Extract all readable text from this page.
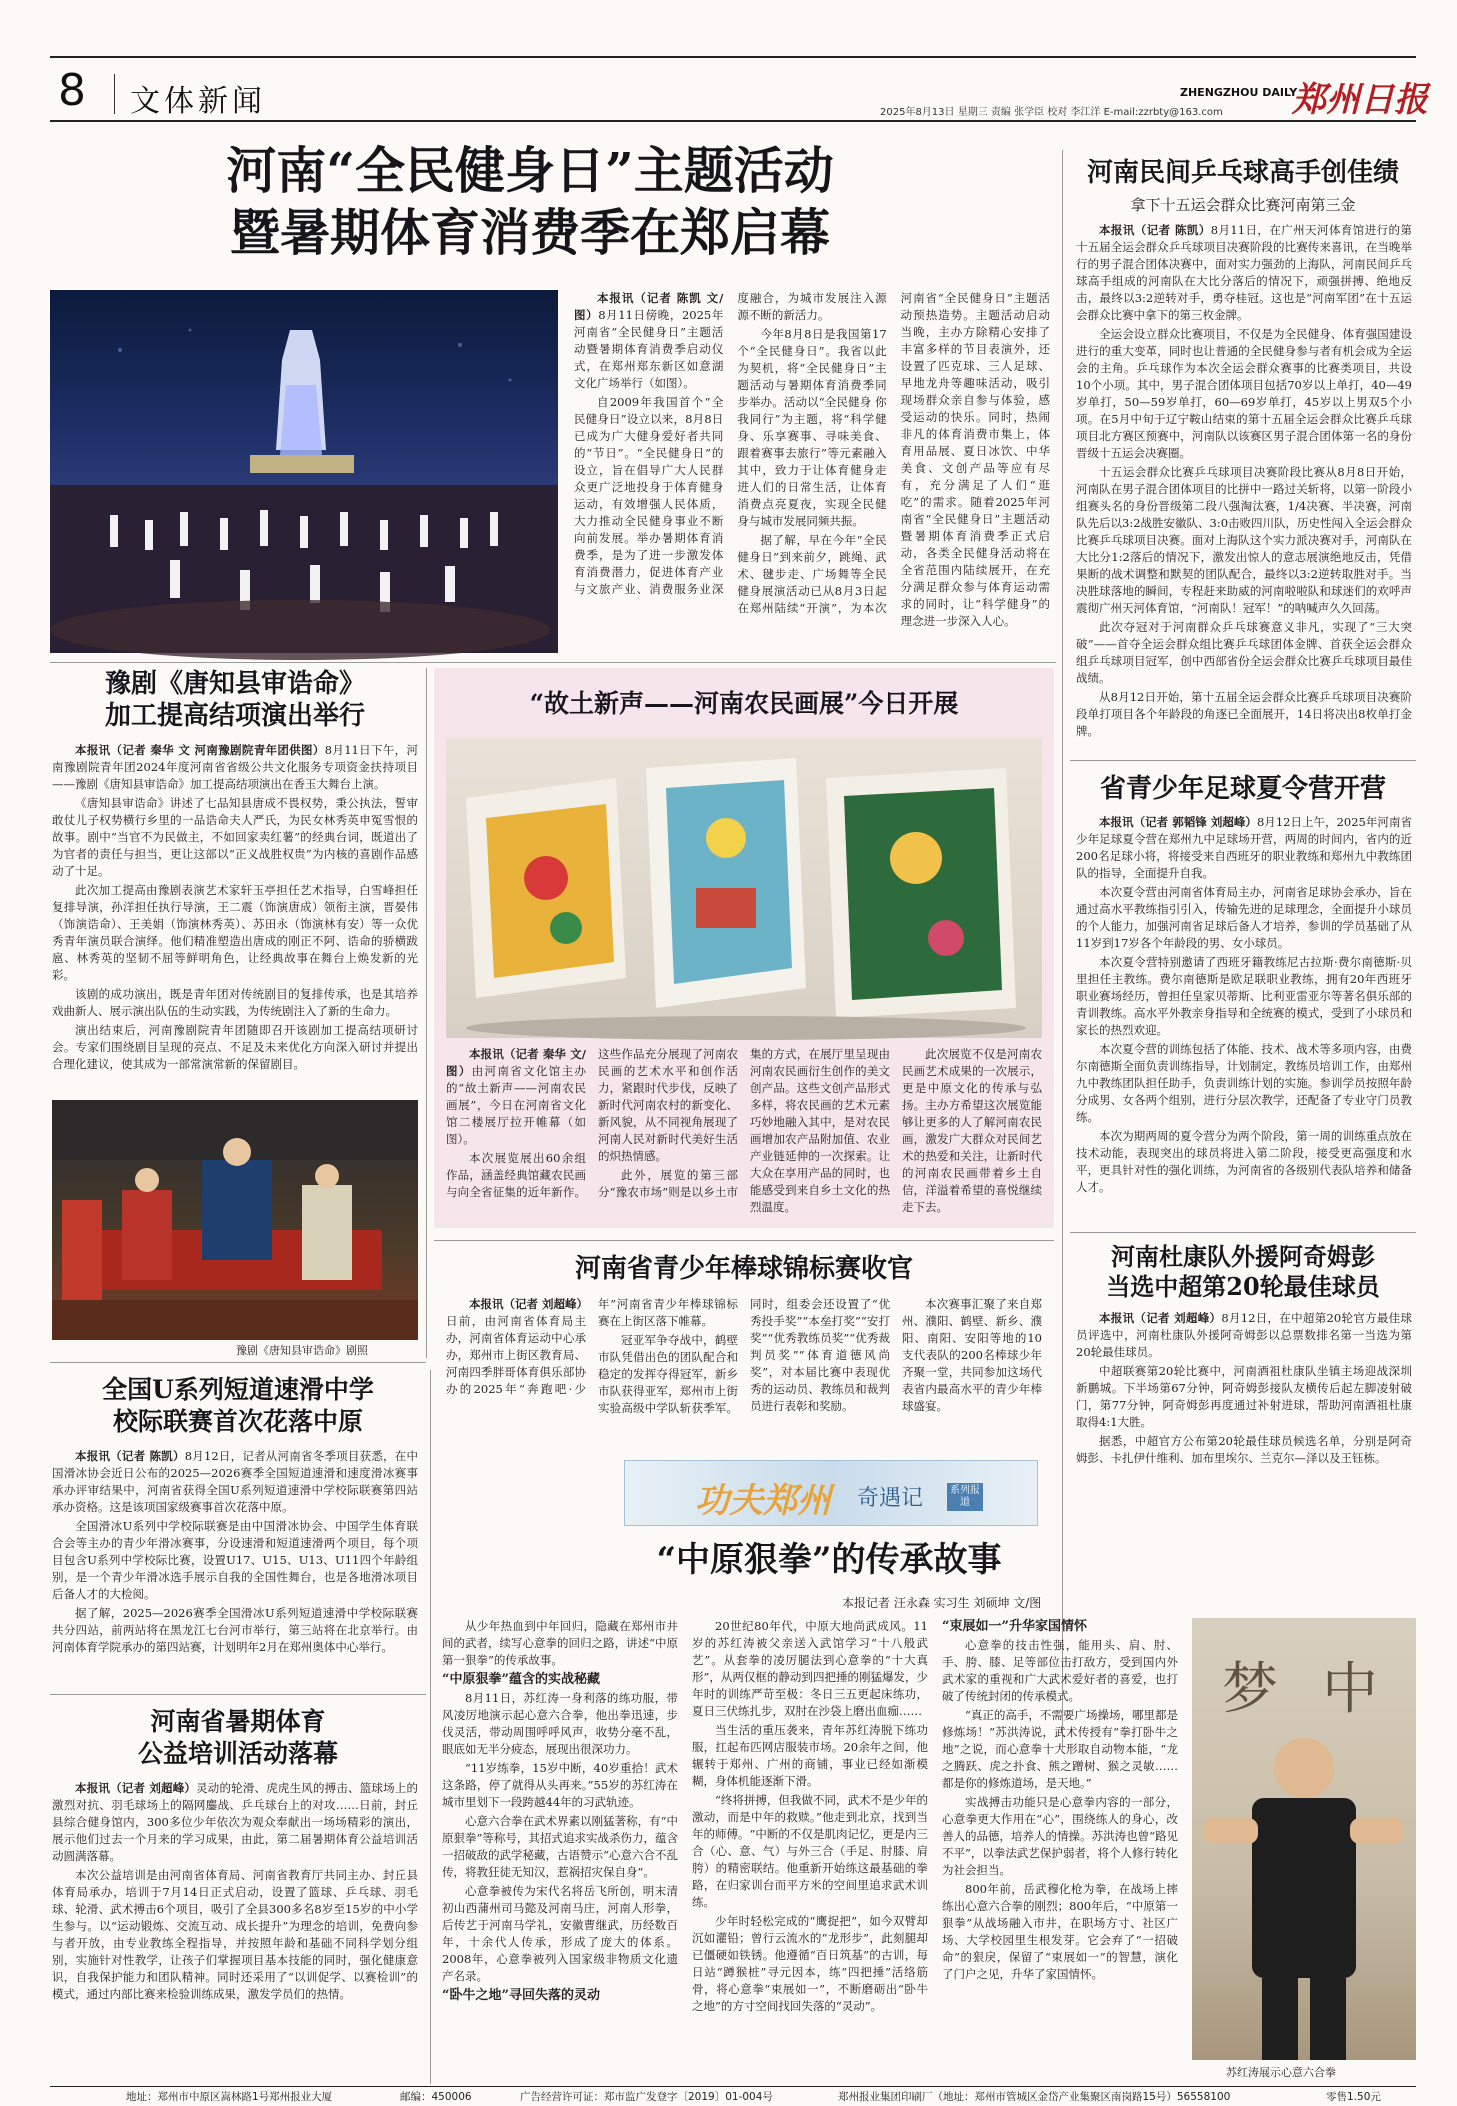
8 文体新闻	2025年8月13日 星期三 责编 张学臣 校对 李江洋 E-mail:zzrbty@163.com
ZHENGZHOU DAILY
郑州日报
河南“全民健身日”主题活动
暨暑期体育消费季在郑启幕

本报讯（记者 陈凯 文/图）8月11日傍晚，2025年河南省“全民健身日”主题活动暨暑期体育消费季启动仪式，在郑州郑东新区如意湖文化广场举行（如图）。

自2009年我国首个“全民健身日”设立以来，8月8日已成为广大健身爱好者共同的“节日”。“全民健身日”的设立，旨在倡导广大人民群众更广泛地投身于体育健身运动，有效增强人民体质，大力推动全民健身事业不断向前发展。举办暑期体育消费季，是为了进一步激发体育消费潜力，促进体育产业与文旅产业、消费服务业深度融合，为城市发展注入源源不断的新活力。

今年8月8日是我国第17个“全民健身日”。我省以此为契机，将“全民健身日”主题活动与暑期体育消费季同步举办。活动以“全民健身 你我同行”为主题，将“科学健身、乐享赛事、寻味美食、跟着赛事去旅行”等元素融入其中，致力于让体育健身走进人们的日常生活，让体育消费点亮夏夜，实现全民健身与城市发展同频共振。

据了解，早在今年“全民健身日”到来前夕，跳绳、武术、毽步走、广场舞等全民健身展演活动已从8月3日起在郑州陆续“开演”，为本次河南省“全民健身日”主题活动预热造势。主题活动启动当晚，主办方除精心安排了丰富多样的节目表演外，还设置了匹克球、三人足球、早地龙舟等趣味活动，吸引现场群众亲自参与体验，感受运动的快乐。同时，热闹非凡的体育消费市集上，体育用品展、夏日冰饮、中华美食、文创产品等应有尽有，充分满足了人们“逛吃”的需求。随着2025年河南省“全民健身日”主题活动暨暑期体育消费季正式启动，各类全民健身活动将在全省范围内陆续展开，在充分满足群众参与体育运动需求的同时，让“科学健身”的理念进一步深入人心。

河南民间乒乓球高手创佳绩
拿下十五运会群众比赛河南第三金

本报讯（记者 陈凯）8月11日，在广州天河体育馆进行的第十五届全运会群众乒乓球项目决赛阶段的比赛传来喜讯，在当晚举行的男子混合团体决赛中，面对实力强劲的上海队，河南民间乒乓球高手组成的河南队在大比分落后的情况下，顽强拼搏、绝地反击，最终以3:2逆转对手，勇夺桂冠。这也是“河南军团”在十五运会群众比赛中拿下的第三枚金牌。

全运会设立群众比赛项目，不仅是为全民健身、体育强国建设进行的重大变革，同时也让普通的全民健身参与者有机会成为全运会的主角。乒乓球作为本次全运会群众赛事的比赛类项目，共设10个小项。其中，男子混合团体项目包括70岁以上单打，40—49岁单打，50—59岁单打，60—69岁单打，45岁以上男双5个小项。在5月中旬于辽宁鞍山结束的第十五届全运会群众比赛乒乓球项目北方赛区预赛中，河南队以该赛区男子混合团体第一名的身份晋级十五运会决赛圈。

十五运会群众比赛乒乓球项目决赛阶段比赛从8月8日开始，河南队在男子混合团体项目的比拼中一路过关斩将，以第一阶段小组赛头名的身份晋级第二段八强淘汰赛，1/4决赛、半决赛，河南队先后以3:2战胜安徽队、3:0击败四川队，历史性闯入全运会群众比赛乒乓球项目决赛。面对上海队这个实力派决赛对手，河南队在大比分1:2落后的情况下，激发出惊人的意志展演绝地反击，凭借果断的战术调整和默契的团队配合，最终以3:2逆转取胜对手。当决胜球落地的瞬间，专程赶来助威的河南啦啦队和球迷们的欢呼声震彻广州天河体育馆，“河南队！冠军！”的呐喊声久久回荡。

此次夺冠对于河南群众乒乓球赛意义非凡，实现了“三大突破”——首夺全运会群众组比赛乒乓球团体金牌、首获全运会群众组乒乓球项目冠军，创中西部省份全运会群众比赛乒乓球项目最佳战绩。

从8月12日开始，第十五届全运会群众比赛乒乓球项目决赛阶段单打项目各个年龄段的角逐已全面展开，14日将决出8枚单打金牌。

豫剧《唐知县审诰命》
加工提高结项演出举行

本报讯（记者 秦华 文 河南豫剧院青年团供图）8月11日下午，河南豫剧院青年团2024年度河南省省级公共文化服务专项资金扶持项目——豫剧《唐知县审诰命》加工提高结项演出在香玉大舞台上演。

《唐知县审诰命》讲述了七品知县唐成不畏权势，秉公执法，誓审敢仗儿子权势横行乡里的一品诰命夫人严氏，为民女林秀英申冤雪恨的故事。剧中“当官不为民做主，不如回家卖红薯”的经典台词，既道出了为官者的责任与担当，更让这部以“正义战胜权贵”为内核的喜剧作品感动了十足。

此次加工提高由豫剧表演艺术家轩玉亭担任艺术指导，白雪峰担任复排导演，孙洋担任执行导演，王二震（饰演唐成）领衔主演，晋晏伟（饰演诰命）、王美娟（饰演林秀英）、苏田永（饰演林有安）等一众优秀青年演员联合演绎。他们精准塑造出唐成的刚正不阿、诰命的骄横跋扈、林秀英的坚韧不屈等鲜明角色，让经典故事在舞台上焕发新的光彩。

该剧的成功演出，既是青年团对传统剧目的复排传承，也是其培养戏曲新人、展示演出队伍的生动实践，为传统剧注入了新的生命力。

演出结束后，河南豫剧院青年团随即召开该剧加工提高结项研讨会。专家们围绕剧目呈现的亮点、不足及未来优化方向深入研讨并提出合理化建议，使其成为一部常演常新的保留剧目。

豫剧《唐知县审诰命》剧照
“故土新声——河南农民画展”今日开展

本报讯（记者 秦华 文/图）由河南省文化馆主办的“故土新声——河南农民画展”，今日在河南省文化馆二楼展厅拉开帷幕（如图）。

本次展览展出60余组作品，涵盖经典馆藏农民画与向全省征集的近年新作。这些作品充分展现了河南农民画的艺术水平和创作活力，紧跟时代步伐，反映了新时代河南农村的新变化、新风貌，从不同视角展现了河南人民对新时代美好生活的炽热情感。

此外，展览的第三部分“豫农市场”则是以乡土市集的方式，在展厅里呈现由河南农民画衍生创作的美文创产品。这些文创产品形式多样，将农民画的艺术元素巧妙地融入其中，是对农民画增加农产品附加值、农业产业链延伸的一次探索。让大众在享用产品的同时，也能感受到来自乡土文化的热烈温度。

此次展览不仅是河南农民画艺术成果的一次展示，更是中原文化的传承与弘扬。主办方希望这次展览能够让更多的人了解河南农民画，激发广大群众对民间艺术的热爱和关注，让新时代的河南农民画带着乡土自信，洋溢着希望的喜悦继续走下去。

省青少年足球夏令营开营

本报讯（记者 郭韬锋 刘超峰）8月12日上午，2025年河南省少年足球夏令营在郑州九中足球场开营，两周的时间内，省内的近200名足球小将，将接受来自西班牙的职业教练和郑州九中教练团队的指导，全面提升自我。

本次夏令营由河南省体育局主办，河南省足球协会承办，旨在通过高水平教练指引引入，传输先进的足球理念，全面提升小球员的个人能力，加强河南省足球后备人才培养，参训的学员基础了从11岁到17岁各个年龄段的男、女小球员。

本次夏令营特别邀请了西班牙籍教练尼古拉斯·费尔南德斯·贝里担任主教练。费尔南德斯是欧足联职业教练，拥有20年西班牙职业赛场经历，曾担任皇家贝蒂斯、比利亚雷亚尔等著名俱乐部的青训教练。高水平外教亲身指导和全统赛的模式，受到了小球员和家长的热烈欢迎。

本次夏令营的训练包括了体能、技术、战术等多项内容，由费尔南德斯全面负责训练指导，计划制定，教练员培训工作，由郑州九中教练团队担任助手，负责训练计划的实施。参训学员按照年龄分成男、女各两个组别，进行分层次教学，还配备了专业守门员教练。

本次为期两周的夏令营分为两个阶段，第一周的训练重点放在技术动能，表现突出的球员将进入第二阶段，接受更高强度和水平，更具针对性的强化训练，为河南省的各级别代表队培养和储备人才。

河南省青少年棒球锦标赛收官

本报讯（记者 刘超峰）日前，由河南省体育局主办，河南省体育运动中心承办，郑州市上街区教育局、河南四季胖哥体育俱乐部协办的2025年“奔跑吧·少年”河南省青少年棒球锦标赛在上街区落下帷幕。

冠亚军争夺战中，鹤壁市队凭借出色的团队配合和稳定的发挥夺得冠军，新乡市队获得亚军，郑州市上街实验高级中学队斩获季军。同时，组委会还设置了“优秀投手奖”“本垒打奖”“安打奖”“优秀教练员奖”“优秀裁判员奖”“体育道德风尚奖”，对本届比赛中表现优秀的运动员、教练员和裁判员进行表彰和奖励。

本次赛事汇聚了来自郑州、濮阳、鹤壁、新乡、濮阳、南阳、安阳等地的10支代表队的200名棒球少年齐聚一堂，共同参加这场代表省内最高水平的青少年棒球盛宴。

河南杜康队外援阿奇姆彭
当选中超第20轮最佳球员

本报讯（记者 刘超峰）8月12日，在中超第20轮官方最佳球员评选中，河南杜康队外援阿奇姆彭以总票数排名第一当选为第20轮最佳球员。

中超联赛第20轮比赛中，河南酒祖杜康队坐镇主场迎战深圳新鹏城。下半场第67分钟，阿奇姆彭接队友横传后起左脚凌射破门，第77分钟，阿奇姆彭再度通过补射进球，帮助河南酒祖杜康取得4:1大胜。

据悉，中超官方公布第20轮最佳球员候选名单，分别是阿奇姆彭、卡扎伊什维利、加布里埃尔、兰克尔—泽以及王钰栋。

全国U系列短道速滑中学
校际联赛首次花落中原

本报讯（记者 陈凯）8月12日，记者从河南省冬季项目获悉，在中国滑冰协会近日公布的2025—2026赛季全国短道速滑和速度滑冰赛事承办评审结果中，河南省获得全国U系列短道速滑中学校际联赛第四站承办资格。这是该项国家级赛事首次花落中原。

全国滑冰U系列中学校际联赛是由中国滑冰协会、中国学生体育联合会等主办的青少年滑冰赛事，分设速滑和短道速滑两个项目，每个项目包含U系列中学校际比赛，设置U17、U15、U13、U11四个年龄组别，是一个青少年滑冰选手展示自我的全国性舞台，也是各地滑冰项目后备人才的大检阅。

据了解，2025—2026赛季全国滑冰U系列短道速滑中学校际联赛共分四站，前两站将在黑龙江七台河市举行，第三站将在北京举行。由河南体育学院承办的第四站赛，计划明年2月在郑州奥体中心举行。

河南省暑期体育
公益培训活动落幕

本报讯（记者 刘超峰）灵动的轮滑、虎虎生风的搏击、篮球场上的激烈对抗、羽毛球场上的隔网鏖战、乒乓球台上的对攻……日前，封丘县综合健身馆内，300多位少年依次为观众奉献出一场场精彩的演出，展示他们过去一个月来的学习成果，由此，第二届暑期体育公益培训活动圆满落幕。

本次公益培训是由河南省体育局、河南省教育厅共同主办、封丘县体育局承办，培训于7月14日正式启动，设置了篮球、乒乓球、羽毛球、轮滑、武术搏击6个项目，吸引了全县300多名8岁至15岁的中小学生参与。以“运动锻炼、交流互动、成长提升”为理念的培训，免费向参与者开放，由专业教练全程指导，并按照年龄和基础不同科学划分组别，实施针对性教学，让孩子们掌握项目基本技能的同时，强化健康意识，自我保护能力和团队精神。同时还采用了“以训促学、以赛检训”的模式，通过内部比赛来检验训练成果，激发学员们的热情。

功夫郑州 奇遇记	系列报道
“中原狠拳”的传承故事
本报记者 汪永森 实习生 刘硕坤 文/图

从少年热血到中年回归，隐藏在郑州市井间的武者，续写心意拳的回归之路，讲述“中原第一狠拳”的传承故事。

“中原狠拳”蕴含的实战秘藏

8月11日，苏红涛一身利落的练功服，带风凌厉地演示起心意六合拳，他出拳迅速，步伐灵活，带动周围呼呼风声，收势分毫不乱，眼底如无半分疲态，展现出很深功力。

“11岁练拳，15岁中断，40岁重拾！武术这条路，停了就得从头再来。”55岁的苏红涛在城市里划下一段跨越44年的习武轨迹。

心意六合拳在武术界素以刚猛著称，有“中原狠拳”等称号，其招式追求实战杀伤力，蕴含一招破敌的武学秘藏，古语赞示“心意六合不乱传，将教狂徒无知汉，惹祸招灾保自身”。

心意拳被传为宋代名将岳飞所创，明末清初山西蒲州司马懿及河南马庄，河南人形拳，后传艺于河南马学礼，安徽曹继武，历经数百年，十余代人传承，形成了庞大的体系。2008年，心意拳被列入国家级非物质文化遗产名录。

“卧牛之地”寻回失落的灵动

20世纪80年代，中原大地尚武成风。11岁的苏红涛被父亲送入武馆学习“十八般武艺”。从套拳的凌厉腿法到心意拳的“十大真形”，从两仅框的静动到四把捶的刚猛爆发，少年时的训练严苛至极：冬日三五更起床练功，夏日三伏练扎步，双肘在沙袋上磨出血痂……

当生活的重压袭来，青年苏红涛脱下练功服，扛起布匹网店服装市场。20余年之间，他辗转于郑州、广州的商铺，事业已经如渐模糊，身体机能逐渐下滑。

“终将拼搏，但我做不同，武术不是少年的激动，而是中年的救赎。”他走到北京，找到当年的师傅。“中断的不仅是肌肉记忆，更是内三合（心、意、气）与外三合（手足、肘膝、肩胯）的精密联结。他重新开始练这最基础的拳路，在归家训台而平方米的空间里追求武术训练。

少年时轻松完成的“鹰捉把”，如今双臂却沉如灌铅；曾行云流水的“龙形步”，此刻腿却已僵硬如铁锈。他遵循“百日筑基”的古训，每日站“蹲猴桩”寻元因本，练“四把捶”活络筋骨，将心意拳“束展如一”，不断磨砺出“卧牛之地”的方寸空间找回失落的“灵动”。

“束展如一”升华家国情怀

心意拳的技击性强，能用头、肩、肘、手、胯、膝、足等部位击打敌方，受到国内外武术家的重视和广大武术爱好者的喜爱，也打破了传统封闭的传承模式。

“真正的高手，不需要广场操场，哪里都是修炼场！”苏洪涛说，武术传授有“拳打卧牛之地”之说，而心意拳十大形取自动物本能，“龙之腾跃、虎之扑食、熊之蹭树、猴之灵敏……都是你的修炼道场，是天地。”

实战搏击功能只是心意拳内容的一部分，心意拳更大作用在“心”，围绕练人的身心，改善人的品德，培养人的情操。苏洪涛也曾“路见不平”，以拳法武艺保护弱者，将个人修行转化为社会担当。

800年前，岳武穆化枪为拳，在战场上摔练出心意六合拳的刚烈；800年后，“中原第一狠拳”从战场融入市井，在职场方寸、社区广场、大学校园里生根发芽。它会弃了“一招破命”的狠戾，保留了“束展如一”的智慧，演化了门户之见，升华了家国情怀。

梦 中
苏红涛展示心意六合拳
地址：郑州市中原区嵩林路1号郑州报业大厦	邮编：450006	广告经营许可证：郑市监广发登字〔2019〕01-004号	郑州报业集团印刷厂（地址：郑州市管城区金岱产业集聚区南岗路15号）56558100	零售1.50元
